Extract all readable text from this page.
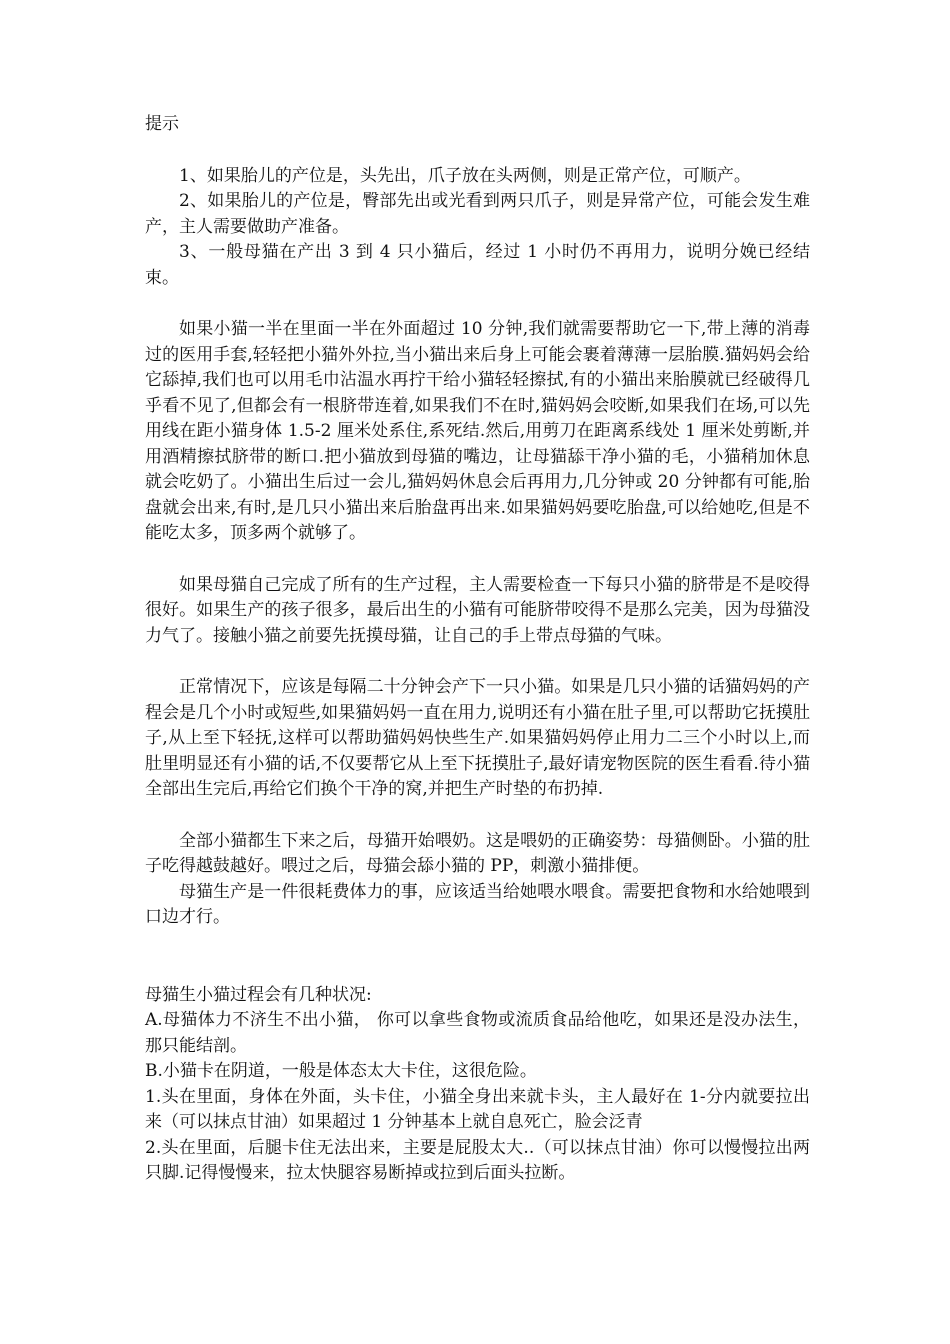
提示

1、如果胎儿的产位是，头先出，爪子放在头两侧，则是正常产位，可顺产。

2、如果胎儿的产位是，臀部先出或光看到两只爪子，则是异常产位，可能会发生难产，主人需要做助产准备。

3、一般母猫在产出 3 到 4 只小猫后，经过 1 小时仍不再用力，说明分娩已经结束。

如果小猫一半在里面一半在外面超过 10 分钟,我们就需要帮助它一下,带上薄的消毒过的医用手套,轻轻把小猫外外拉,当小猫出来后身上可能会裹着薄薄一层胎膜.猫妈妈会给它舔掉,我们也可以用毛巾沾温水再拧干给小猫轻轻擦拭,有的小猫出来胎膜就已经破得几乎看不见了,但都会有一根脐带连着,如果我们不在时,猫妈妈会咬断,如果我们在场,可以先用线在距小猫身体 1.5-2 厘米处系住,系死结.然后,用剪刀在距离系线处 1 厘米处剪断,并用酒精擦拭脐带的断口.把小猫放到母猫的嘴边，让母猫舔干净小猫的毛，小猫稍加休息就会吃奶了。小猫出生后过一会儿,猫妈妈休息会后再用力,几分钟或 20 分钟都有可能,胎盘就会出来,有时,是几只小猫出来后胎盘再出来.如果猫妈妈要吃胎盘,可以给她吃,但是不能吃太多，顶多两个就够了。

如果母猫自己完成了所有的生产过程，主人需要检查一下每只小猫的脐带是不是咬得很好。如果生产的孩子很多，最后出生的小猫有可能脐带咬得不是那么完美，因为母猫没力气了。接触小猫之前要先抚摸母猫，让自己的手上带点母猫的气味。

正常情况下，应该是每隔二十分钟会产下一只小猫。如果是几只小猫的话猫妈妈的产程会是几个小时或短些,如果猫妈妈一直在用力,说明还有小猫在肚子里,可以帮助它抚摸肚子,从上至下轻抚,这样可以帮助猫妈妈快些生产.如果猫妈妈停止用力二三个小时以上,而肚里明显还有小猫的话,不仅要帮它从上至下抚摸肚子,最好请宠物医院的医生看看.待小猫全部出生完后,再给它们换个干净的窝,并把生产时垫的布扔掉.

全部小猫都生下来之后，母猫开始喂奶。这是喂奶的正确姿势：母猫侧卧。小猫的肚子吃得越鼓越好。喂过之后，母猫会舔小猫的 PP，刺激小猫排便。

母猫生产是一件很耗费体力的事，应该适当给她喂水喂食。需要把食物和水给她喂到口边才行。

母猫生小猫过程会有几种状况:

A.母猫体力不济生不出小猫， 你可以拿些食物或流质食品给他吃，如果还是没办法生，那只能结剖。

B.小猫卡在阴道，一般是体态太大卡住，这很危险。

1.头在里面，身体在外面，头卡住，小猫全身出来就卡头，主人最好在 1-分内就要拉出来（可以抹点甘油）如果超过 1 分钟基本上就自息死亡，脸会泛青

2.头在里面，后腿卡住无法出来，主要是屁股太大..（可以抹点甘油）你可以慢慢拉出两只脚.记得慢慢来，拉太快腿容易断掉或拉到后面头拉断。
